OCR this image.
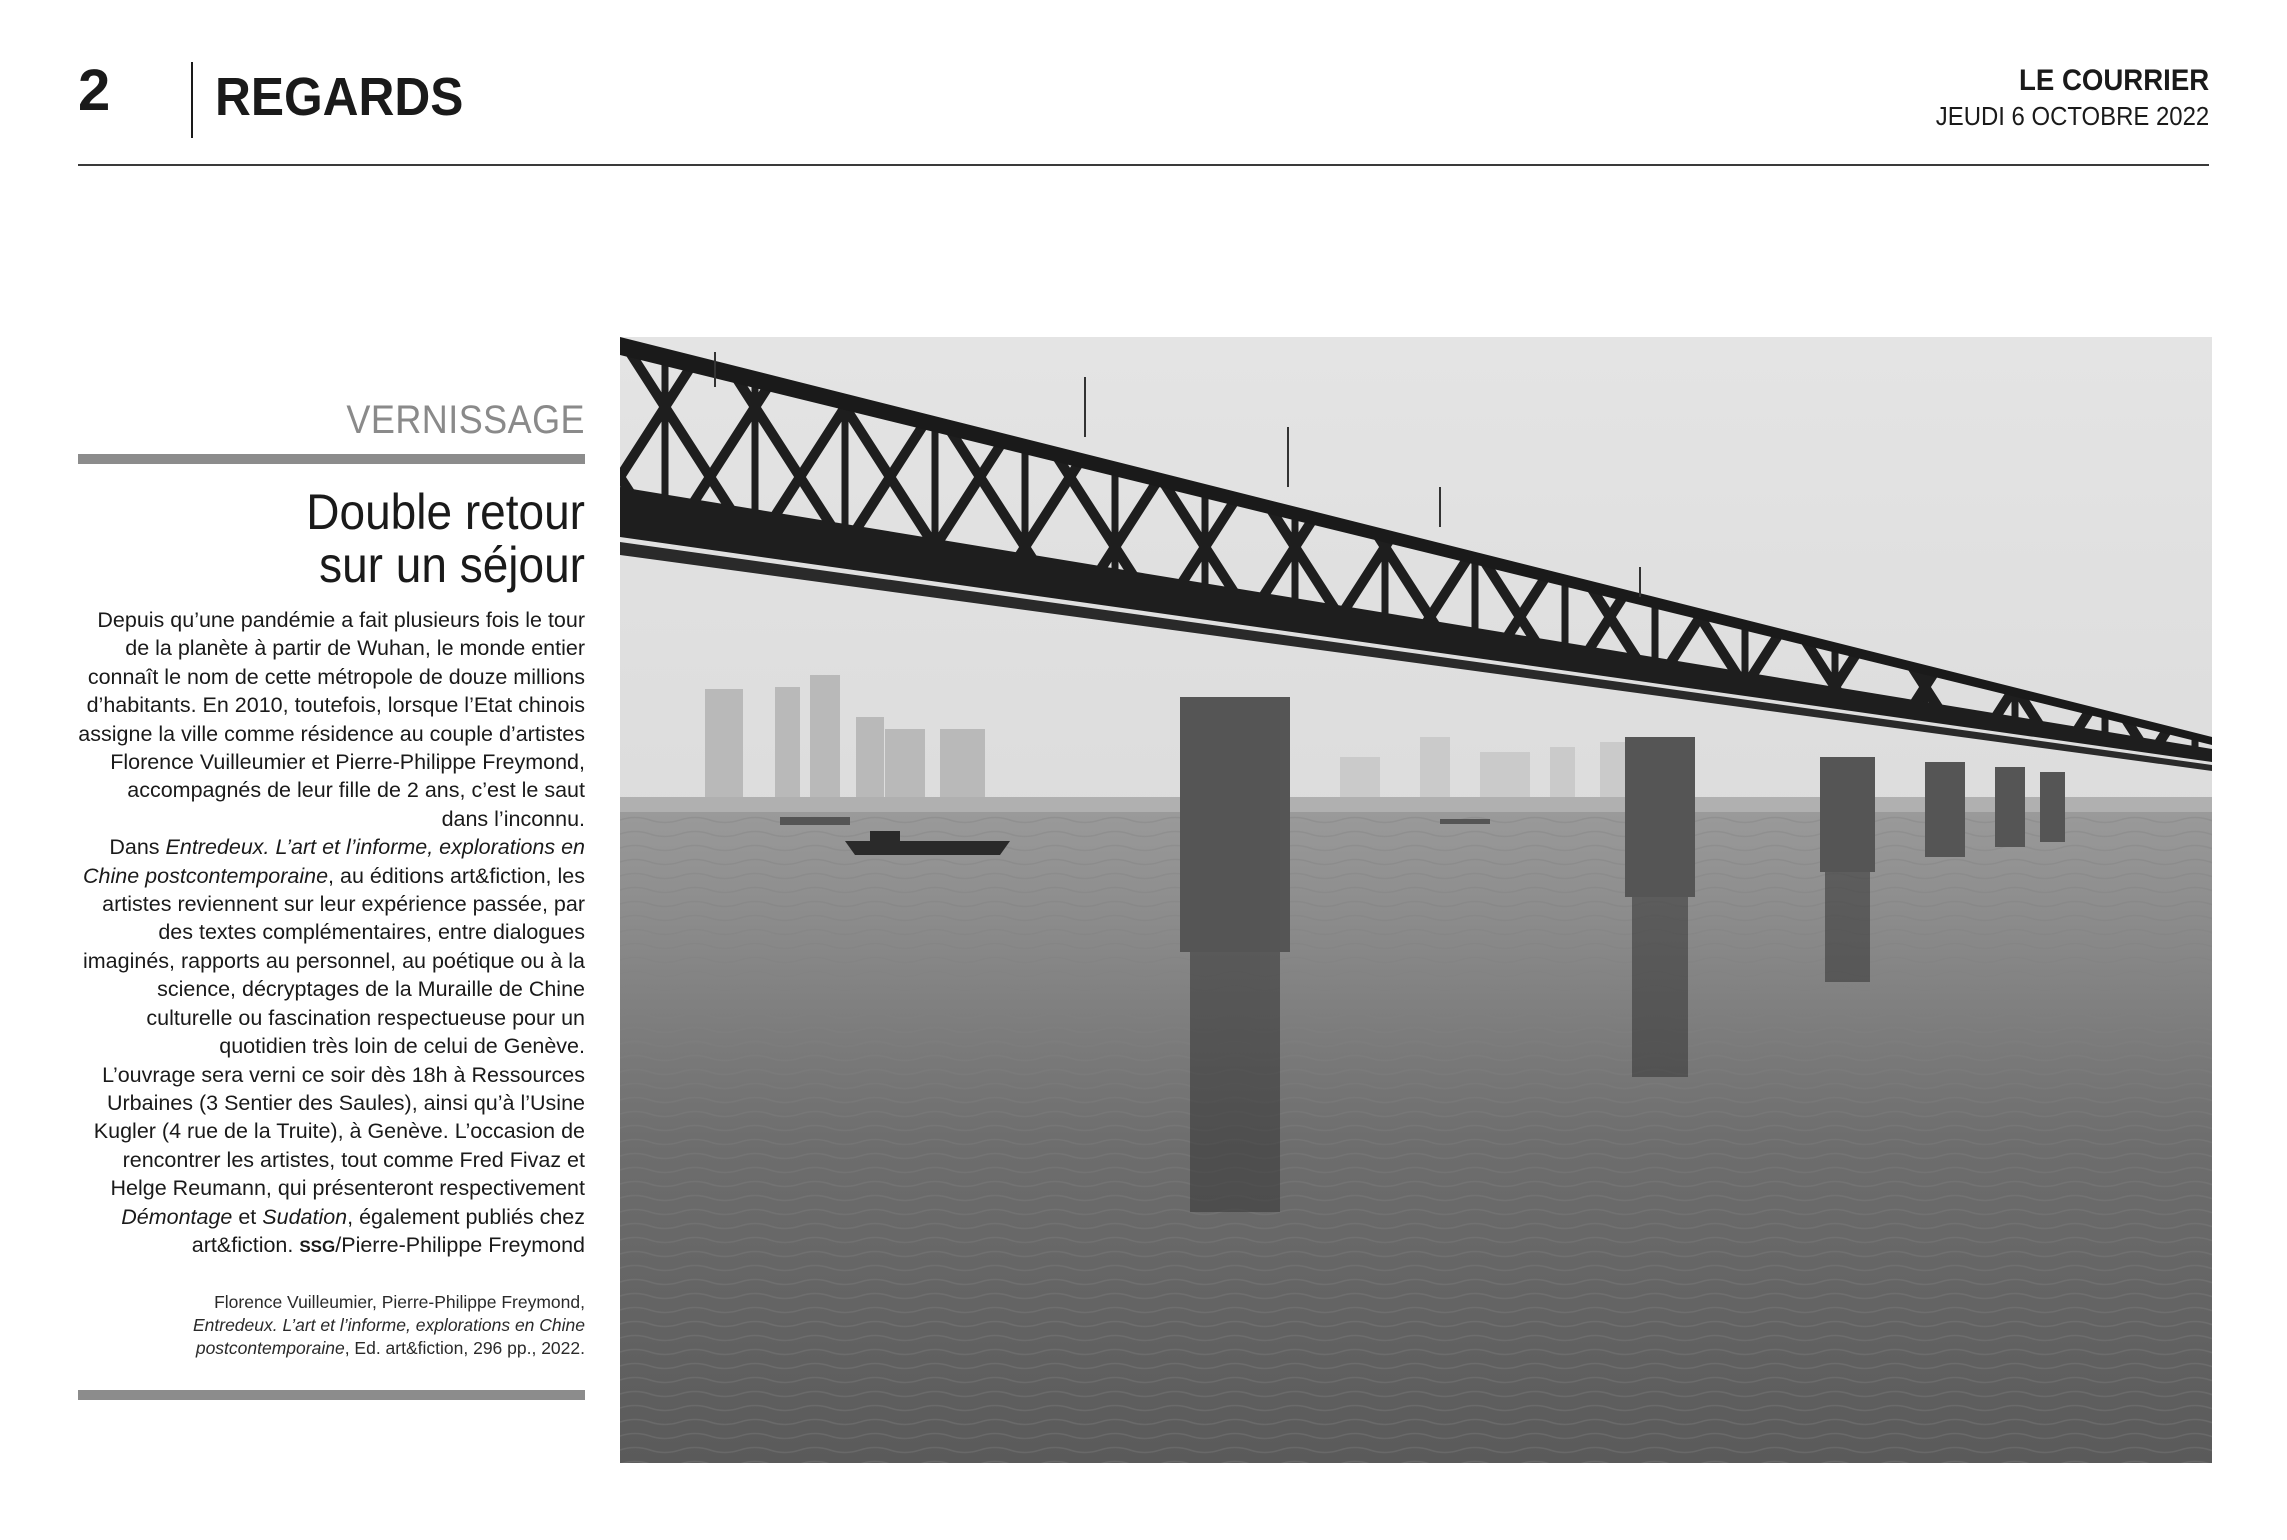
2 REGARDS	LE COURRIER
JEUDI 6 OCTOBRE 2022
VERNISSAGE
Double retour
sur un séjour

Depuis qu’une pandémie a fait plusieurs fois le tour de la planète à partir de Wuhan, le monde entier connaît le nom de cette métropole de douze millions d’habitants. En 2010, toutefois, lorsque l’Etat chinois assigne la ville comme résidence au couple d’artistes Florence Vuilleumier et Pierre-Philippe Freymond, accompagnés de leur fille de 2 ans, c’est le saut dans l’inconnu.

Dans Entredeux. L’art et l’informe, explorations en Chine postcontemporaine, au éditions art&fiction, les artistes reviennent sur leur expérience passée, par des textes complémentaires, entre dialogues imaginés, rapports au personnel, au poétique ou à la science, décryptages de la Muraille de Chine culturelle ou fascination respectueuse pour un quotidien très loin de celui de Genève.

L’ouvrage sera verni ce soir dès 18h à Ressources Urbaines (3 Sentier des Saules), ainsi qu’à l’Usine Kugler (4 rue de la Truite), à Genève. L’occasion de rencontrer les artistes, tout comme Fred Fivaz et Helge Reumann, qui présenteront respectivement Démontage et Sudation, également publiés chez art&fiction. SSG/Pierre-Philippe Freymond

Florence Vuilleumier, Pierre-Philippe Freymond,
Entredeux. L’art et l’informe, explorations en Chine postcontemporaine, Ed. art&fiction, 296 pp., 2022.
